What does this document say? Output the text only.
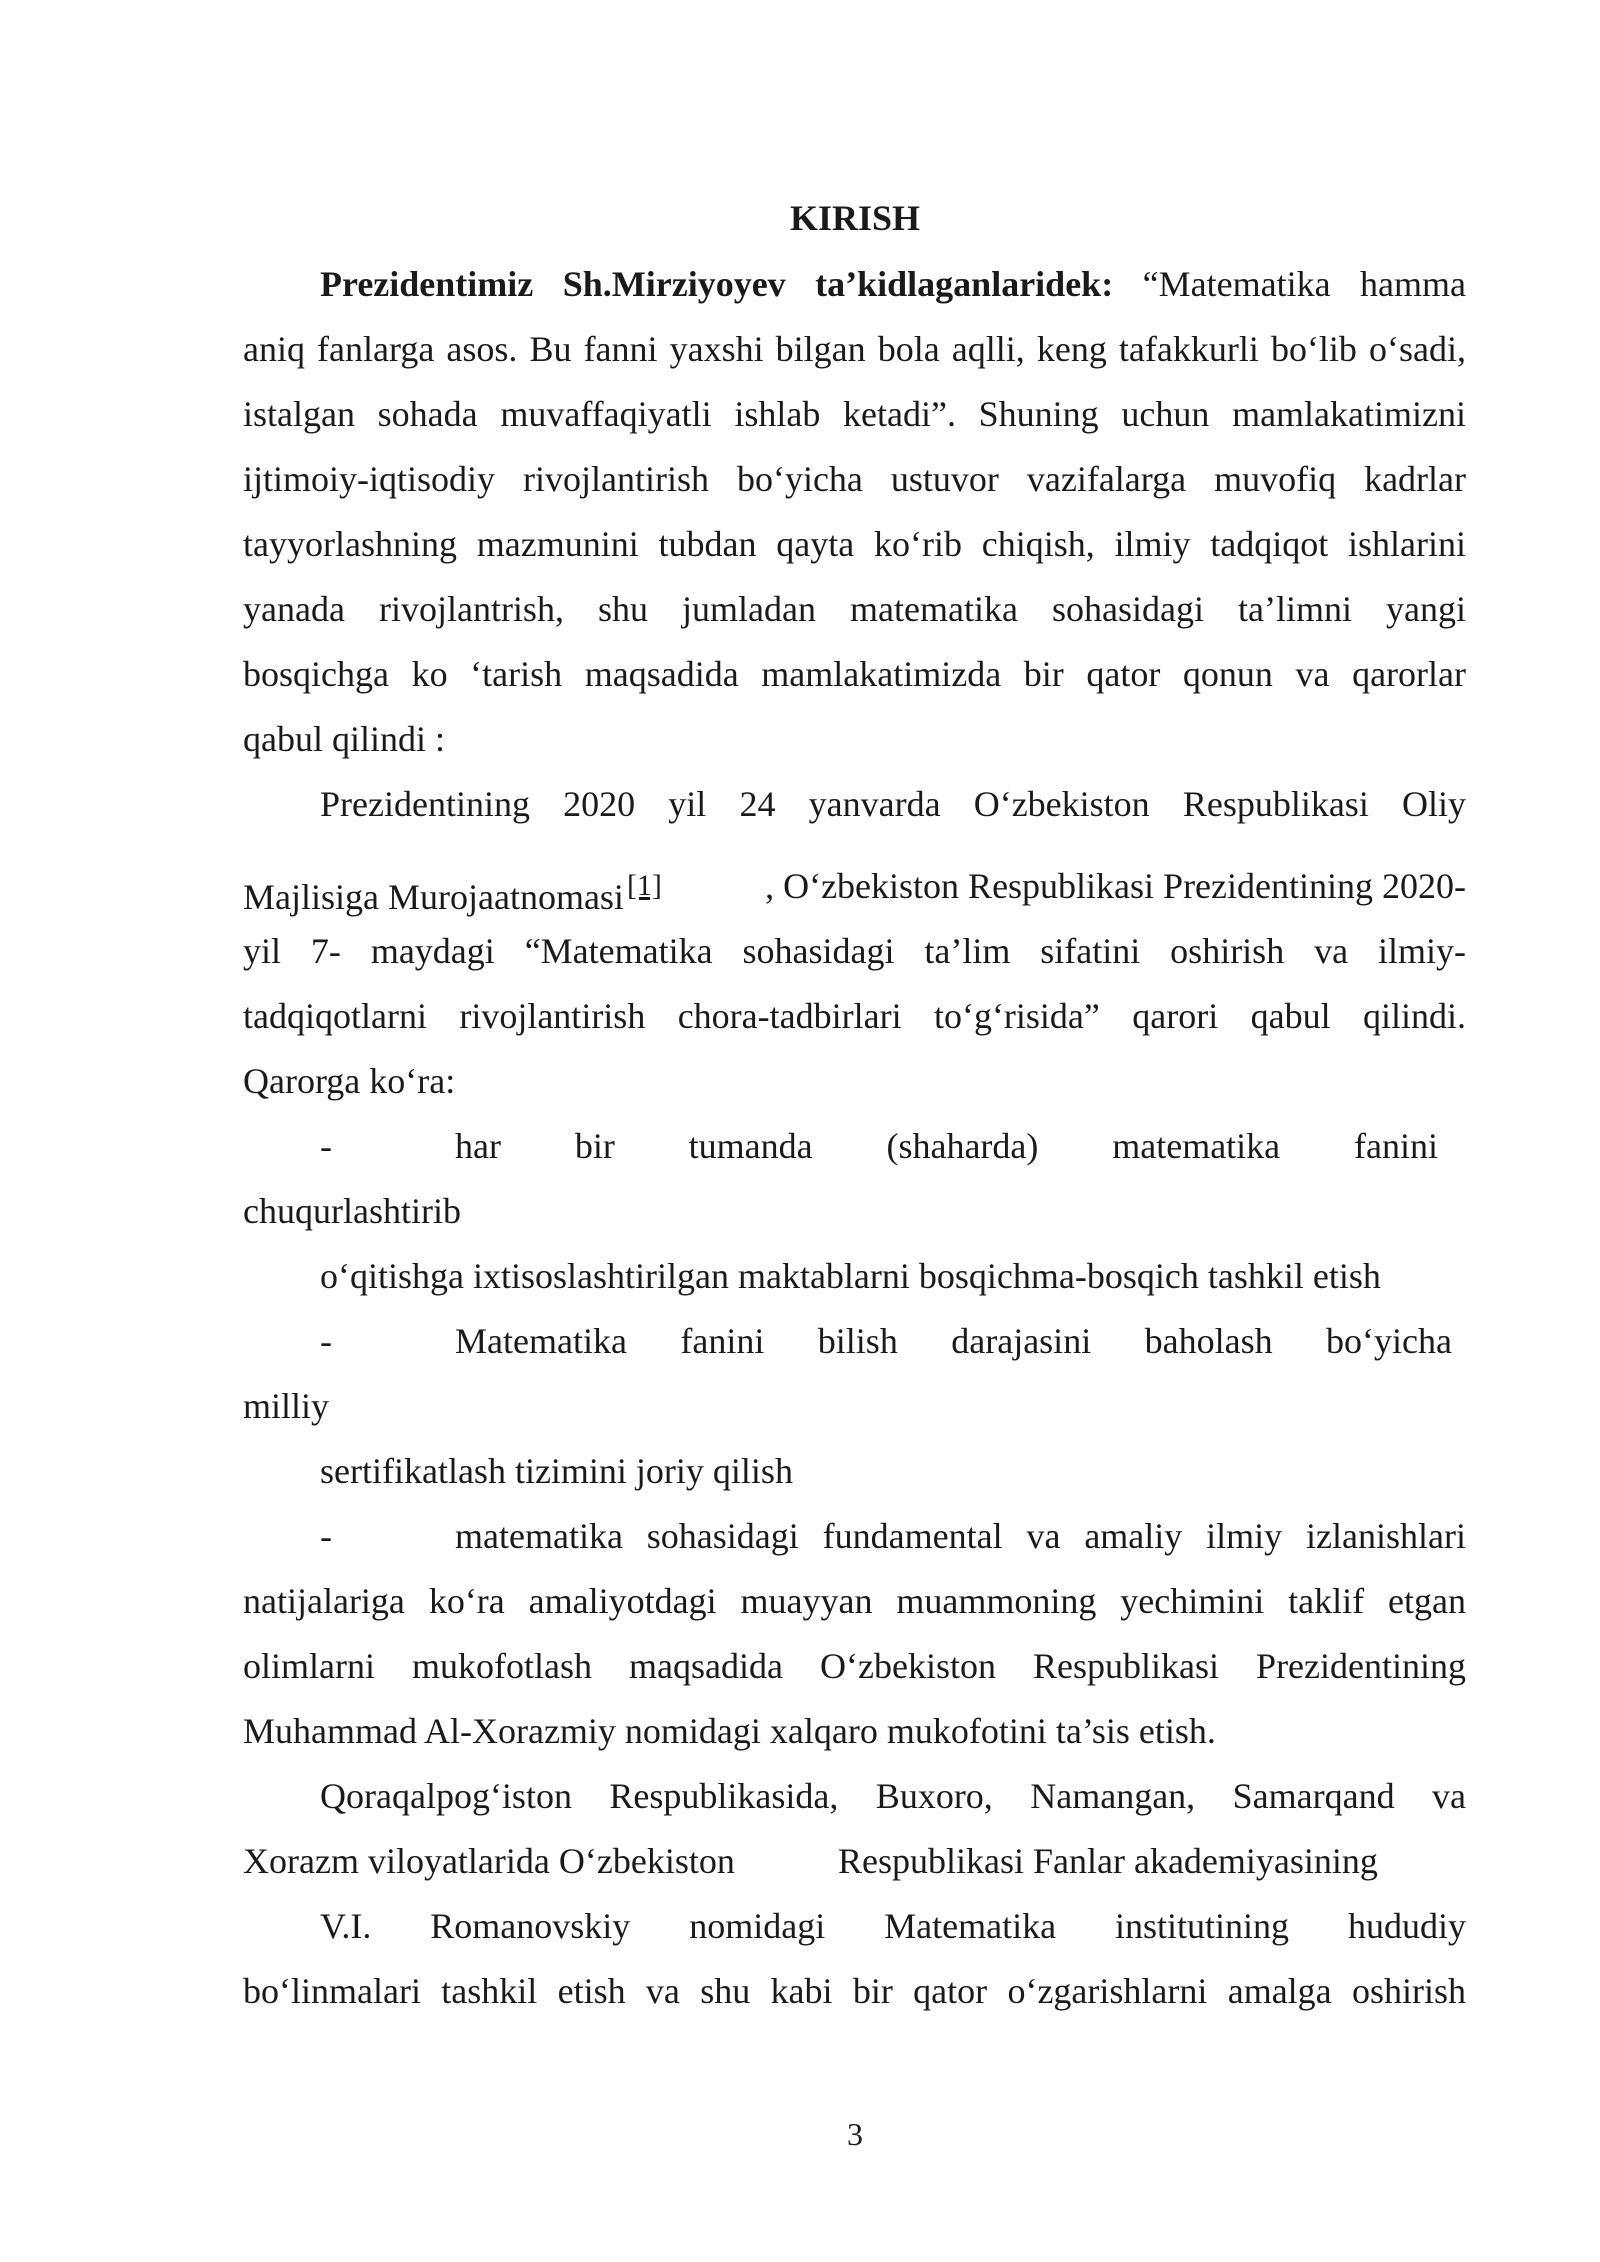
KIRISH
Prezidentimiz Sh.Mirziyoyev ta’kidlaganlaridek: “Matematika hamma
aniq fanlarga asos. Bu fanni yaxshi bilgan bola aqlli, keng tafakkurli bo‘lib o‘sadi,
istalgan sohada muvaffaqiyatli ishlab ketadi”. Shuning uchun mamlakatimizni
ijtimoiy-iqtisodiy rivojlantirish bo‘yicha ustuvor vazifalarga muvofiq kadrlar
tayyorlashning mazmunini tubdan qayta ko‘rib chiqish, ilmiy tadqiqot ishlarini
yanada rivojlantrish, shu jumladan matematika sohasidagi ta’limni yangi
bosqichga ko ‘tarish maqsadida mamlakatimizda bir qator qonun va qarorlar
qabul qilindi :
Prezidentining 2020 yil 24 yanvarda O‘zbekiston Respublikasi Oliy
Majlisiga Murojaatnomasi [1]	, O‘zbekiston Respublikasi Prezidentining 2020-
yil 7- maydagi “Matematika sohasidagi ta’lim sifatini oshirish va ilmiy-
tadqiqotlarni rivojlantirish chora-tadbirlari to‘g‘risida” qarori qabul qilindi.
Qarorga ko‘ra:
-	har bir tumanda (shaharda) matematika fanini
chuqurlashtirib
o‘qitishga ixtisoslashtirilgan maktablarni bosqichma-bosqich tashkil etish
-	Matematika fanini bilish darajasini baholash bo‘yicha
milliy
sertifikatlash tizimini joriy qilish
-	matematika sohasidagi fundamental va amaliy ilmiy izlanishlari
natijalariga ko‘ra amaliyotdagi muayyan muammoning yechimini taklif etgan
olimlarni mukofotlash maqsadida O‘zbekiston Respublikasi Prezidentining
Muhammad Al-Xorazmiy nomidagi xalqaro mukofotini ta’sis etish.
Qoraqalpog‘iston Respublikasida, Buxoro, Namangan, Samarqand va
Xorazm viloyatlarida O‘zbekiston	Respublikasi Fanlar akademiyasining
V.I. Romanovskiy nomidagi Matematika institutining hududiy
bo‘linmalari tashkil etish va shu kabi bir qator o‘zgarishlarni amalga oshirish
3
